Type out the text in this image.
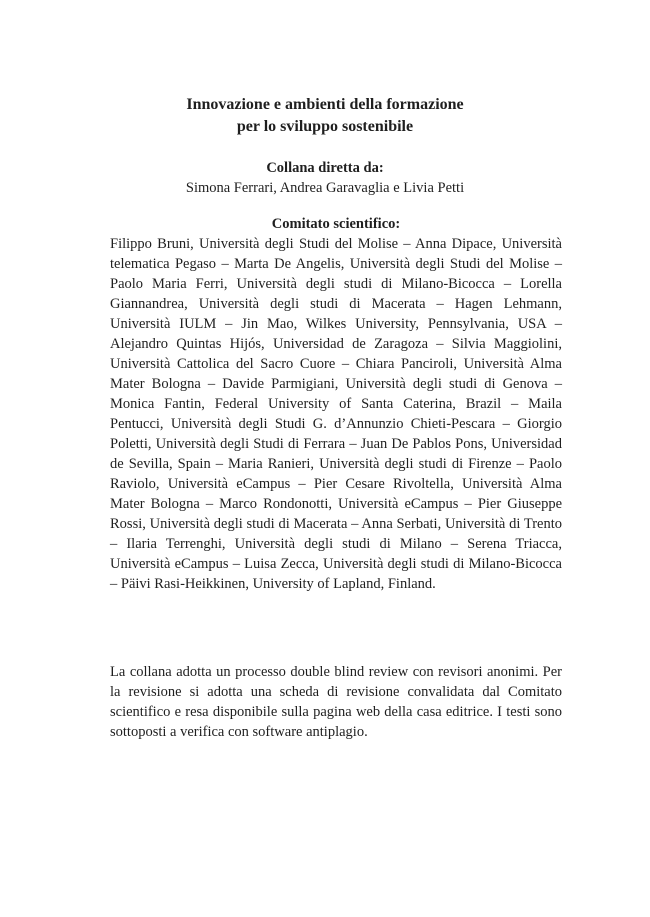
Innovazione e ambienti della formazione
per lo sviluppo sostenibile
Collana diretta da:
Simona Ferrari, Andrea Garavaglia e Livia Petti
Comitato scientifico:
Filippo Bruni, Università degli Studi del Molise – Anna Dipace, Università telematica Pegaso – Marta De Angelis, Università degli Studi del Molise – Paolo Maria Ferri, Università degli studi di Milano-Bicocca – Lorella Giannandrea, Università degli studi di Macerata – Hagen Lehmann, Università IULM – Jin Mao, Wilkes University, Pennsylvania, USA – Alejandro Quintas Hijós, Universidad de Zaragoza – Silvia Maggiolini, Università Cattolica del Sacro Cuore – Chiara Panciroli, Università Alma Mater Bologna – Davide Parmigiani, Università degli studi di Genova – Monica Fantin, Federal University of Santa Caterina, Brazil – Maila Pentucci, Università degli Studi G. d’Annunzio Chieti-Pescara – Giorgio Poletti, Università degli Studi di Ferrara – Juan De Pablos Pons, Universidad de Sevilla, Spain – Maria Ranieri, Università degli studi di Firenze – Paolo Raviolo, Università eCampus – Pier Cesare Rivoltella, Università Alma Mater Bologna – Marco Rondonotti, Università eCampus – Pier Giuseppe Rossi, Università degli studi di Macerata – Anna Serbati, Università di Trento – Ilaria Terrenghi, Università degli studi di Milano – Serena Triacca, Università eCampus – Luisa Zecca, Università degli studi di Milano-Bicocca – Päivi Rasi-Heikkinen, University of Lapland, Finland.
La collana adotta un processo double blind review con revisori anonimi. Per la revisione si adotta una scheda di revisione convalidata dal Comitato scientifico e resa disponibile sulla pagina web della casa editrice. I testi sono sottoposti a verifica con software antiplagio.
